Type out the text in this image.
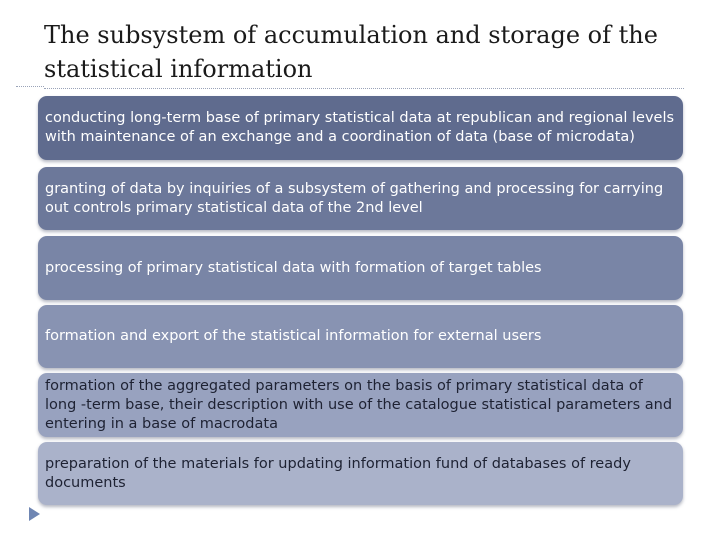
The subsystem of accumulation and storage of the statistical information
conducting long-term base of primary statistical data at republican and regional levels with maintenance of an exchange and a coordination of data (base of microdata)
granting of data by inquiries of a subsystem of gathering and processing for carrying out controls primary statistical data of the 2nd level
processing of primary statistical data with formation of target tables
formation and export of the statistical information for external users
formation of the aggregated parameters on the basis of primary statistical data of long -term base, their description with use of the catalogue statistical parameters and entering in a base of macrodata
preparation of the materials for updating information fund of databases of ready documents
